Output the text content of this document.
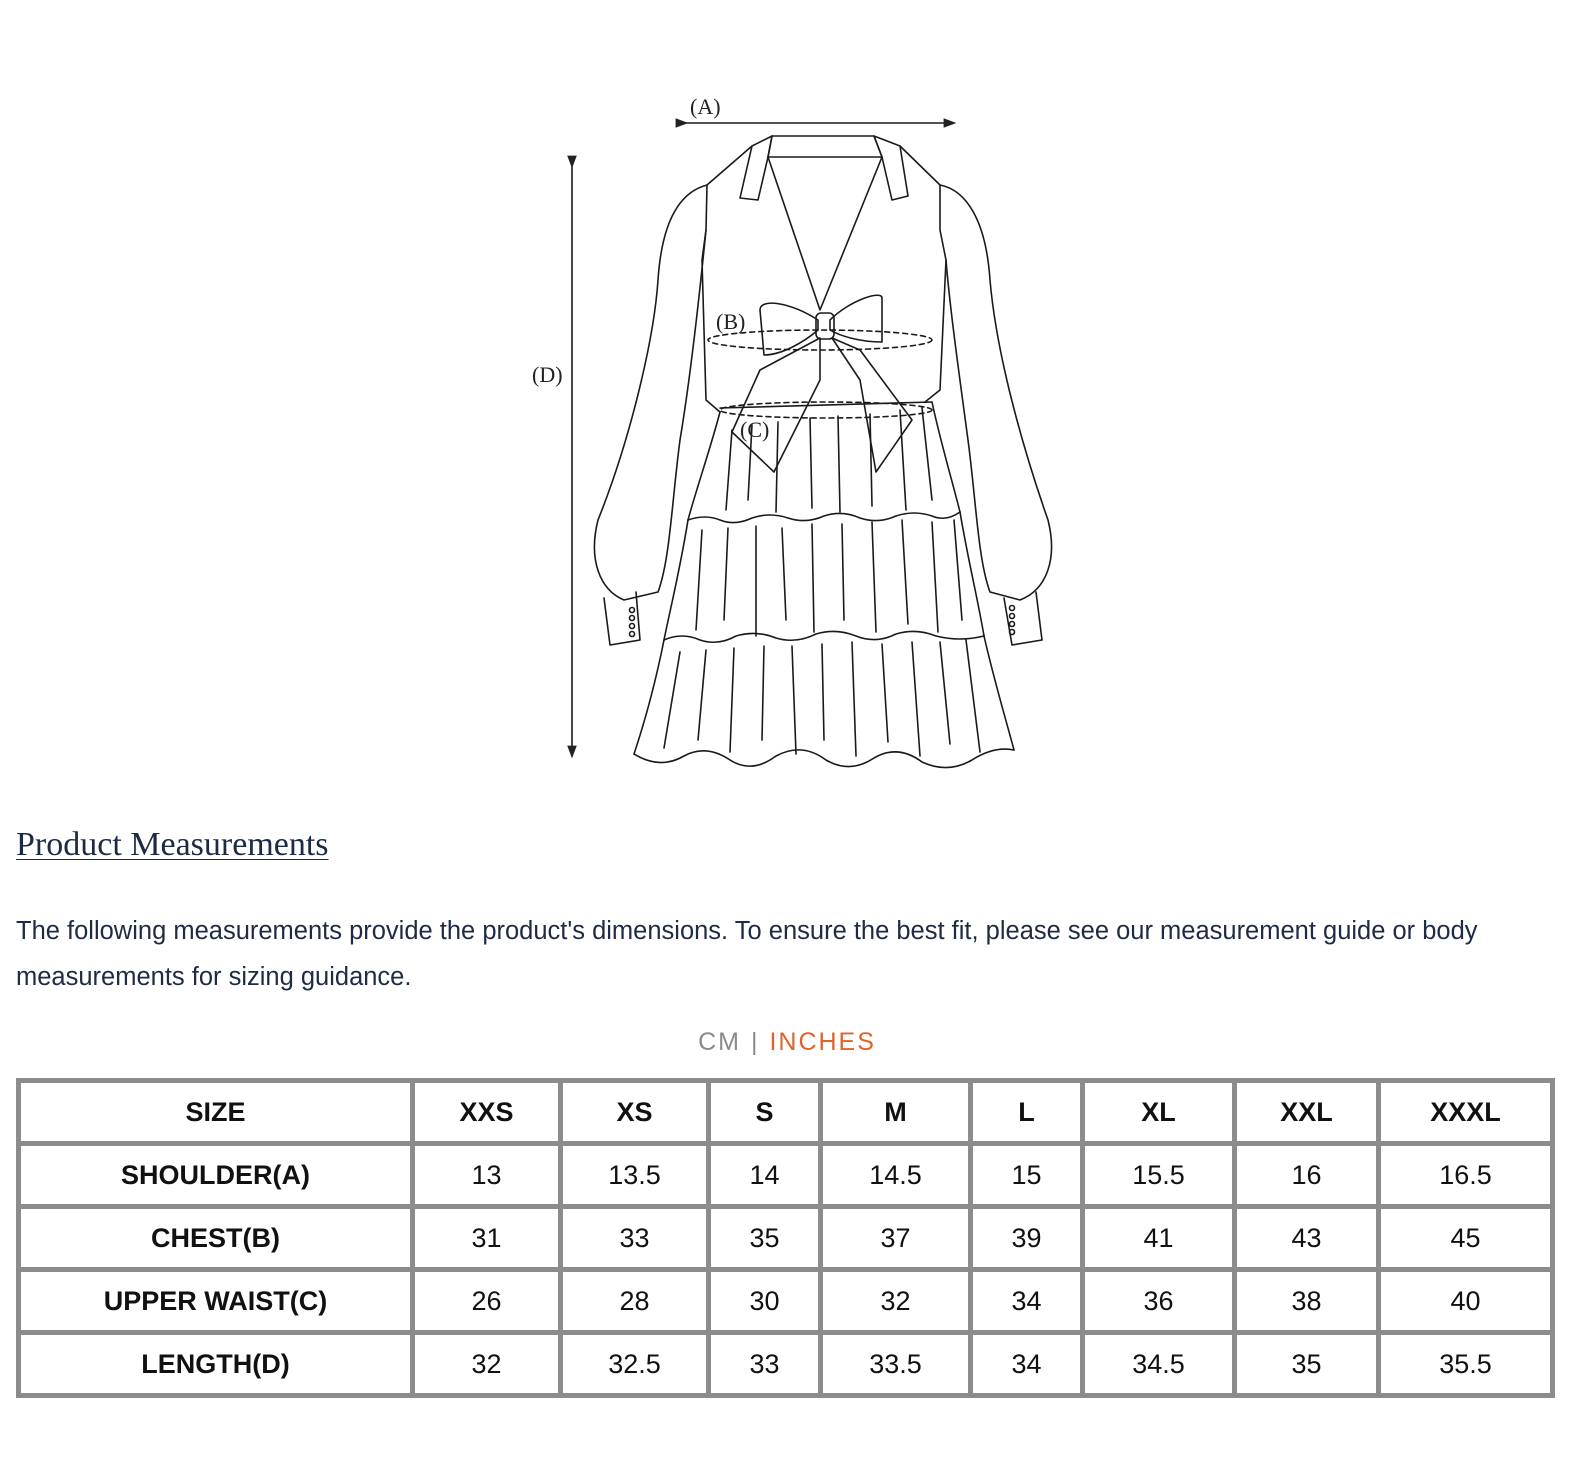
(A)
(B)
(C)
(D)
Product Measurements

The following measurements provide the product's dimensions. To ensure the best fit, please see our measurement guide or body measurements for sizing guidance.

CM | INCHES
SIZE	XXS	XS	S	M	L	XL	XXL	XXXL
SHOULDER(A)	13	13.5	14	14.5	15	15.5	16	16.5
CHEST(B)	31	33	35	37	39	41	43	45
UPPER WAIST(C)	26	28	30	32	34	36	38	40
LENGTH(D)	32	32.5	33	33.5	34	34.5	35	35.5
